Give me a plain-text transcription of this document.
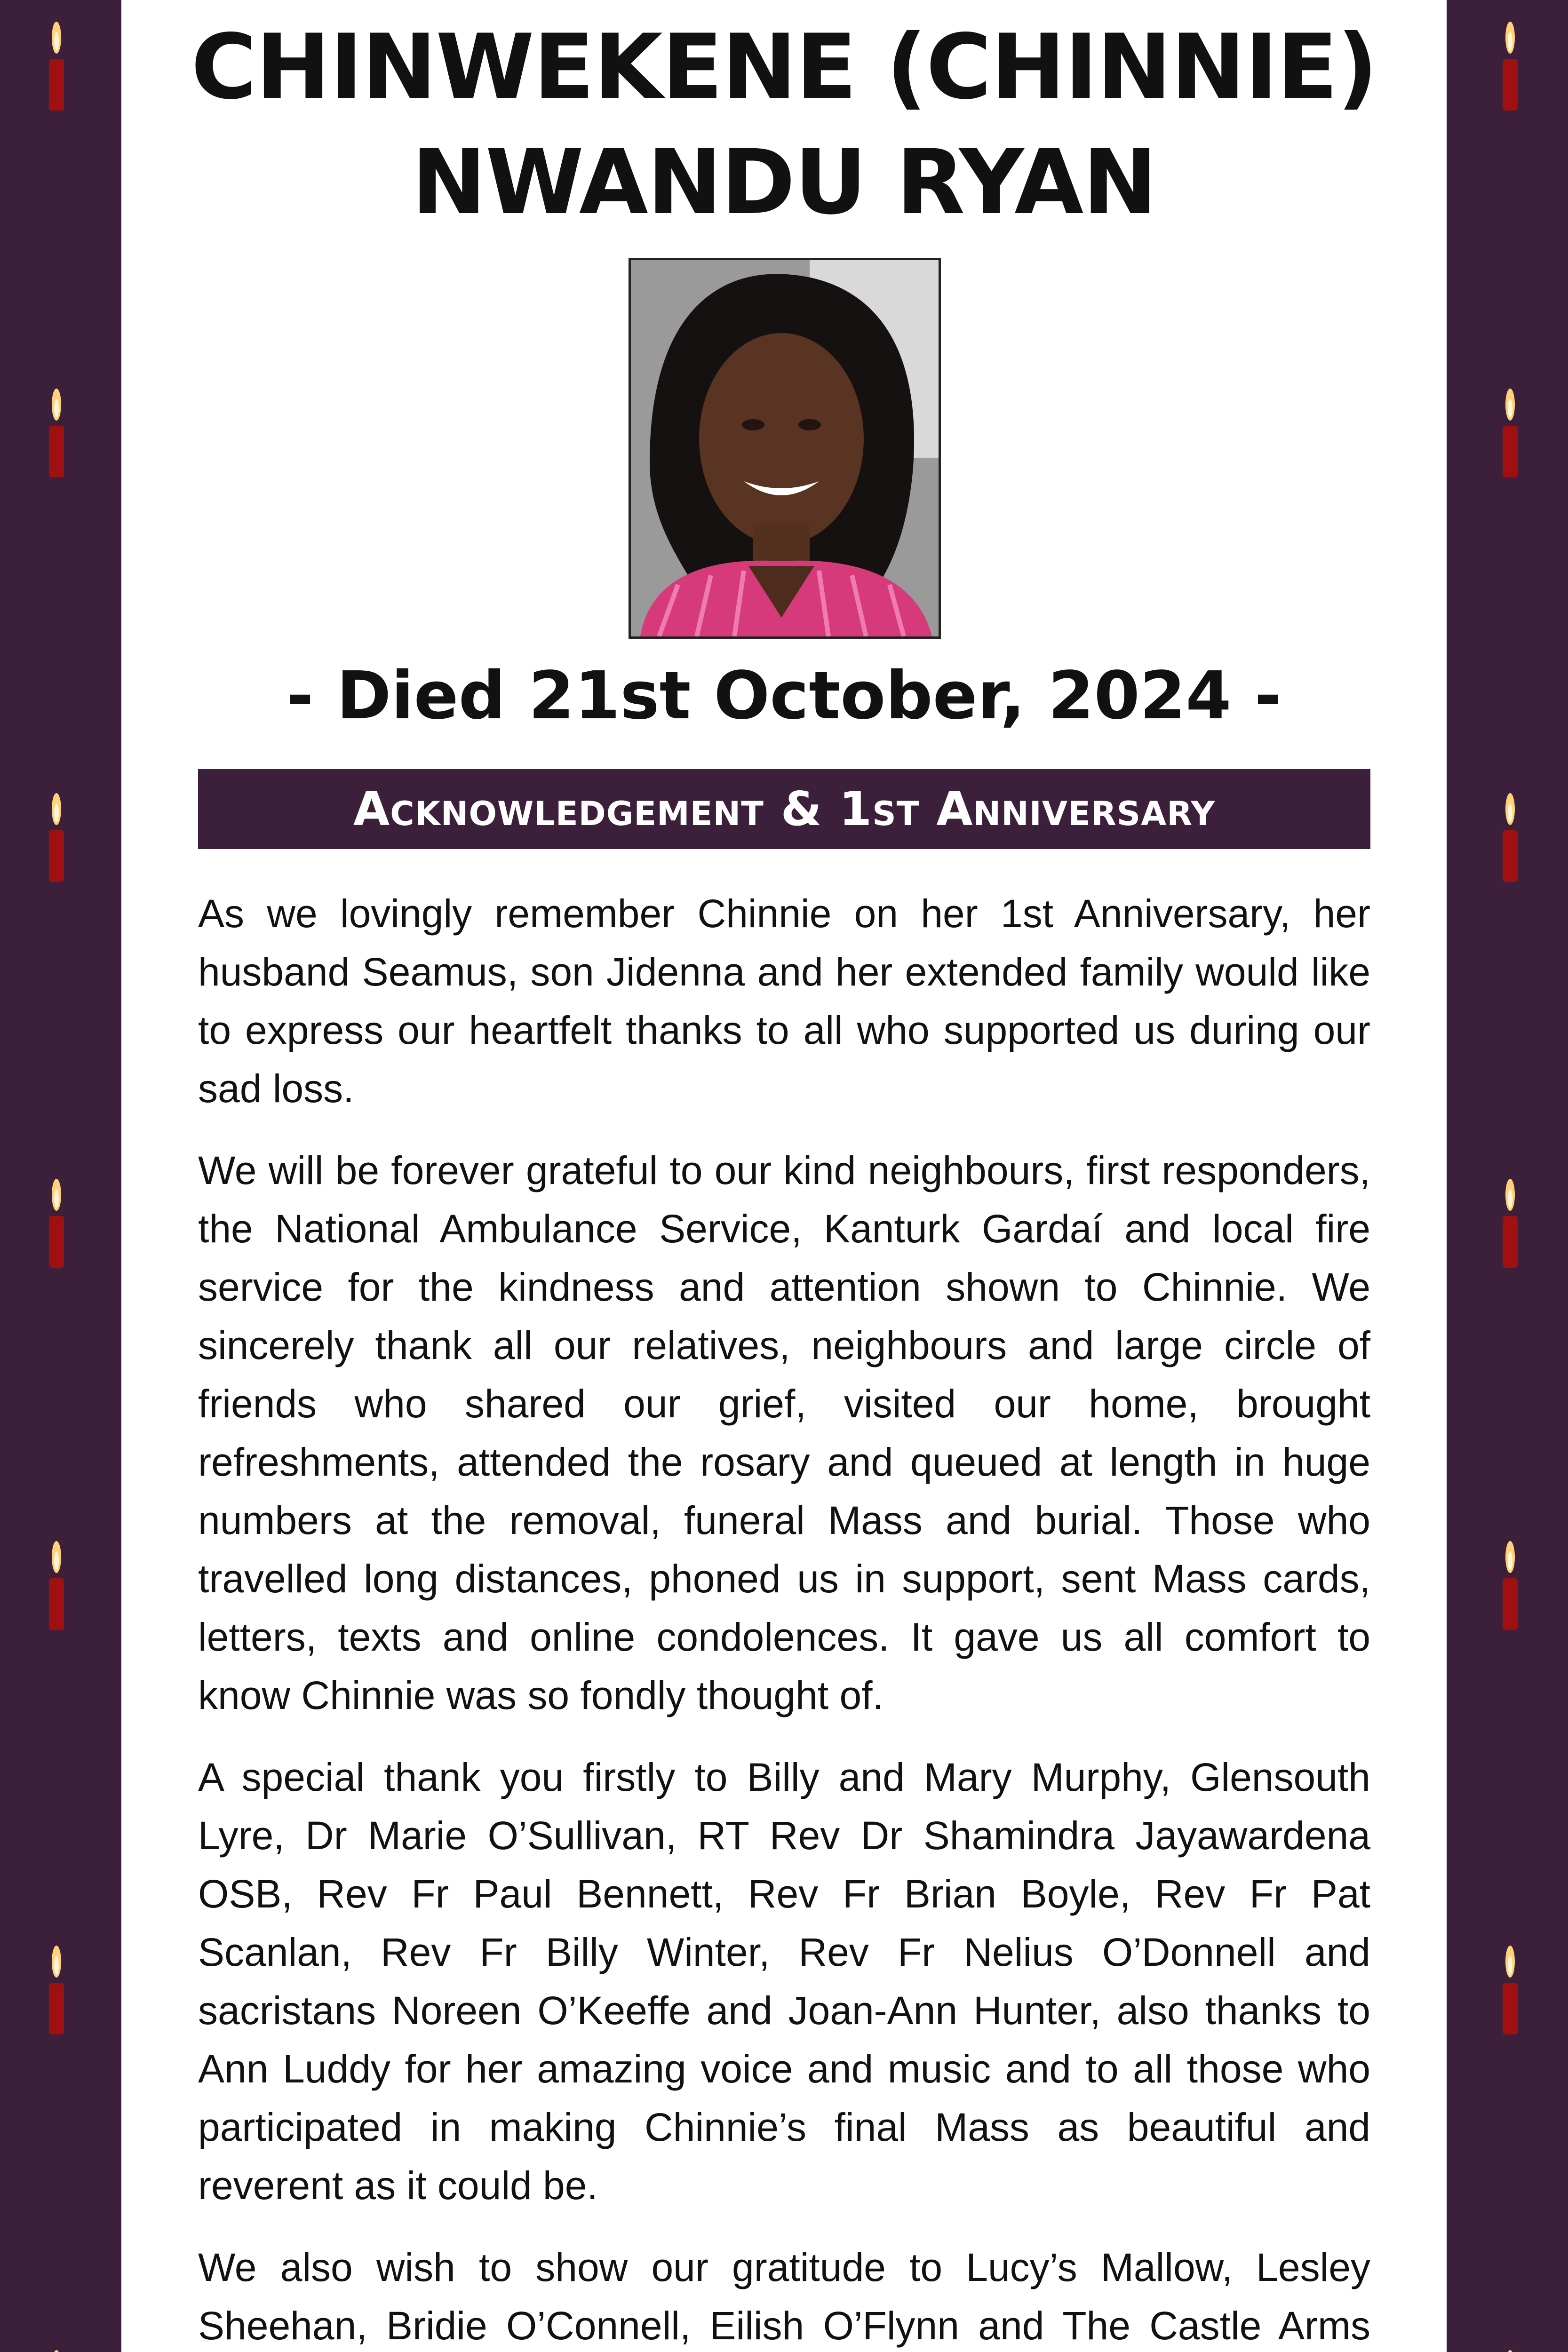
CHINWEKENE (CHINNIE)
NWANDU RYAN
- Died 21st October, 2024 -
Acknowledgement & 1st Anniversary

As we lovingly remember Chinnie on her 1st Anniversary, her husband Seamus, son Jidenna and her extended family would like to express our heartfelt thanks to all who supported us during our sad loss.

We will be forever grateful to our kind neighbours, first responders, the National Ambulance Service, Kanturk Gardaí and local fire service for the kindness and attention shown to Chinnie. We sincerely thank all our relatives, neighbours and large circle of friends who shared our grief, visited our home, brought refreshments, attended the rosary and queued at length in huge numbers at the removal, funeral Mass and burial. Those who travelled long distances, phoned us in support, sent Mass cards, letters, texts and online condolences. It gave us all comfort to know Chinnie was so fondly thought of.

A special thank you firstly to Billy and Mary Murphy, Glensouth Lyre, Dr Marie O’Sullivan, RT Rev Dr Shamindra Jayawardena OSB, Rev Fr Paul Bennett, Rev Fr Brian Boyle, Rev Fr Pat Scanlan, Rev Fr Billy Winter, Rev Fr Nelius O’Donnell and sacristans Noreen O’Keeffe and Joan-Ann Hunter, also thanks to Ann Luddy for her amazing voice and music and to all those who participated in making Chinnie’s final Mass as beautiful and reverent as it could be.

We also wish to show our gratitude to Lucy’s Mallow, Lesley Sheehan, Bridie O’Connell, Eilish O’Flynn and The Castle Arms
